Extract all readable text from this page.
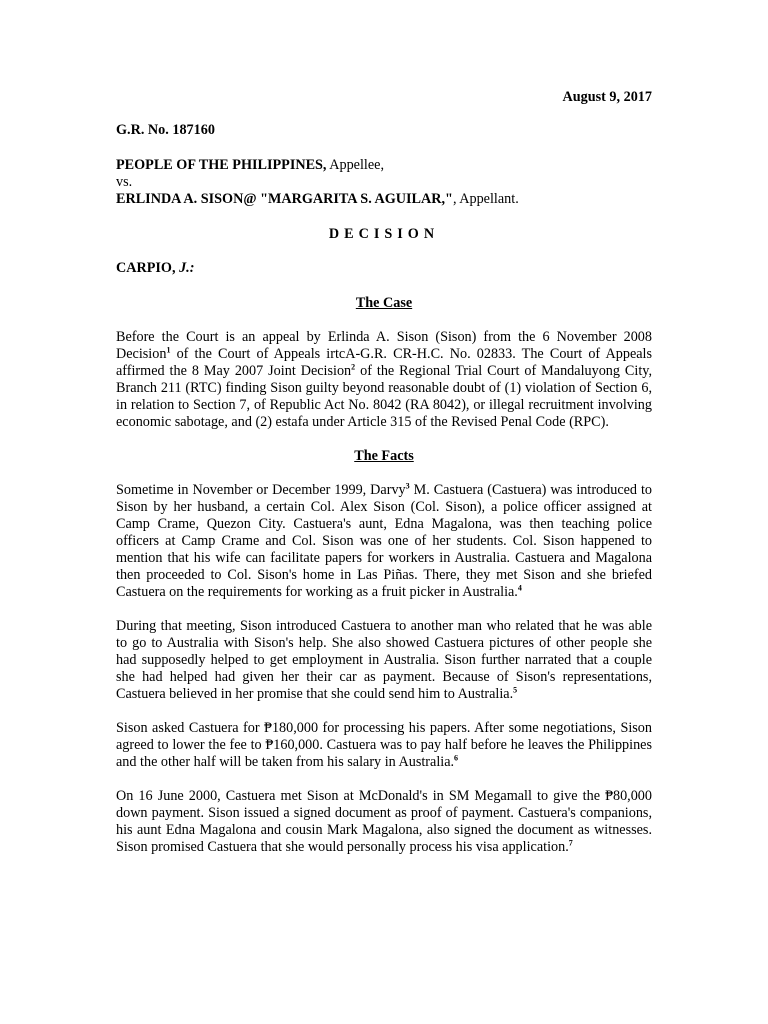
August 9, 2017

G.R. No. 187160

PEOPLE OF THE PHILIPPINES, Appellee,

vs.

ERLINDA A. SISON@ "MARGARITA S. AGUILAR,", Appellant.

DECISION

CARPIO, J.:

The Case

Before the Court is an appeal by Erlinda A. Sison (Sison) from the 6 November 2008 Decision$^1$ of the Court of Appeals irtcA-G.R. CR-H.C. No. 02833. The Court of Appeals affirmed the 8 May 2007 Joint Decision$^2$ of the Regional Trial Court of Mandaluyong City, Branch 211 (RTC) finding Sison guilty beyond reasonable doubt of (1) violation of Section 6, in relation to Section 7, of Republic Act No. 8042 (RA 8042), or illegal recruitment involving economic sabotage, and (2) estafa under Article 315 of the Revised Penal Code (RPC).

The Facts

Sometime in November or December 1999, Darvy$^3$ M. Castuera (Castuera) was introduced to Sison by her husband, a certain Col. Alex Sison (Col. Sison), a police officer assigned at Camp Crame, Quezon City. Castuera's aunt, Edna Magalona, was then teaching police officers at Camp Crame and Col. Sison was one of her students. Col. Sison happened to mention that his wife can facilitate papers for workers in Australia. Castuera and Magalona then proceeded to Col. Sison's home in Las Piñas. There, they met Sison and she briefed Castuera on the requirements for working as a fruit picker in Australia.$^4$

During that meeting, Sison introduced Castuera to another man who related that he was able to go to Australia with Sison's help. She also showed Castuera pictures of other people she had supposedly helped to get employment in Australia. Sison further narrated that a couple she had helped had given her their car as payment. Because of Sison's representations, Castuera believed in her promise that she could send him to Australia.$^5$

Sison asked Castuera for ₱180,000 for processing his papers. After some negotiations, Sison agreed to lower the fee to ₱160,000. Castuera was to pay half before he leaves the Philippines and the other half will be taken from his salary in Australia.$^6$

On 16 June 2000, Castuera met Sison at McDonald's in SM Megamall to give the ₱80,000 down payment. Sison issued a signed document as proof of payment. Castuera's companions, his aunt Edna Magalona and cousin Mark Magalona, also signed the document as witnesses. Sison promised Castuera that she would personally process his visa application.$^7$
